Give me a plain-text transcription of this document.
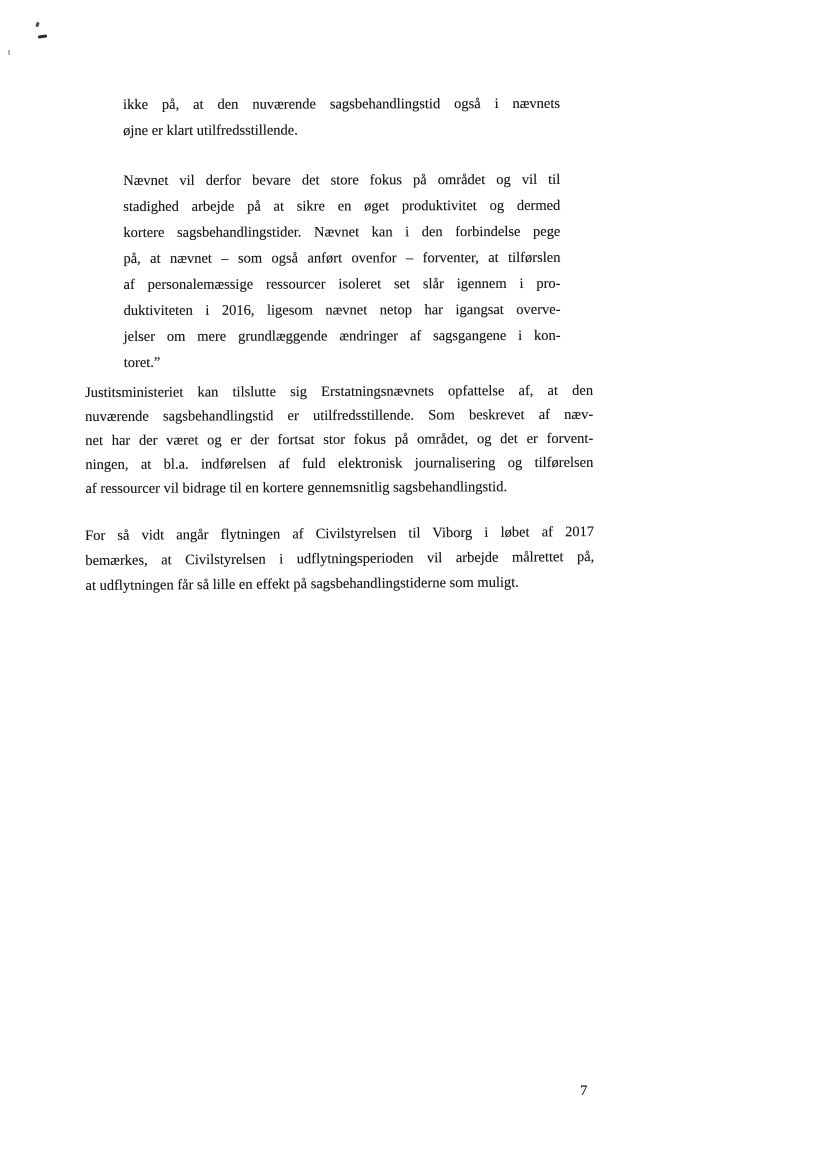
ikke på, at den nuværende sagsbehandlingstid også i nævnets
øjne er klart utilfredsstillende.
Nævnet vil derfor bevare det store fokus på området og vil til
stadighed arbejde på at sikre en øget produktivitet og dermed
kortere sagsbehandlingstider. Nævnet kan i den forbindelse pege
på, at nævnet – som også anført ovenfor – forventer, at tilførslen
af personalemæssige ressourcer isoleret set slår igennem i pro-
duktiviteten i 2016, ligesom nævnet netop har igangsat overve-
jelser om mere grundlæggende ændringer af sagsgangene i kon-
toret.”
Justitsministeriet kan tilslutte sig Erstatningsnævnets opfattelse af, at den
nuværende sagsbehandlingstid er utilfredsstillende. Som beskrevet af næv-
net har der været og er der fortsat stor fokus på området, og det er forvent-
ningen, at bl.a. indførelsen af fuld elektronisk journalisering og tilførelsen
af ressourcer vil bidrage til en kortere gennemsnitlig sagsbehandlingstid.
For så vidt angår flytningen af Civilstyrelsen til Viborg i løbet af 2017
bemærkes, at Civilstyrelsen i udflytningsperioden vil arbejde målrettet på,
at udflytningen får så lille en effekt på sagsbehandlingstiderne som muligt.
7
